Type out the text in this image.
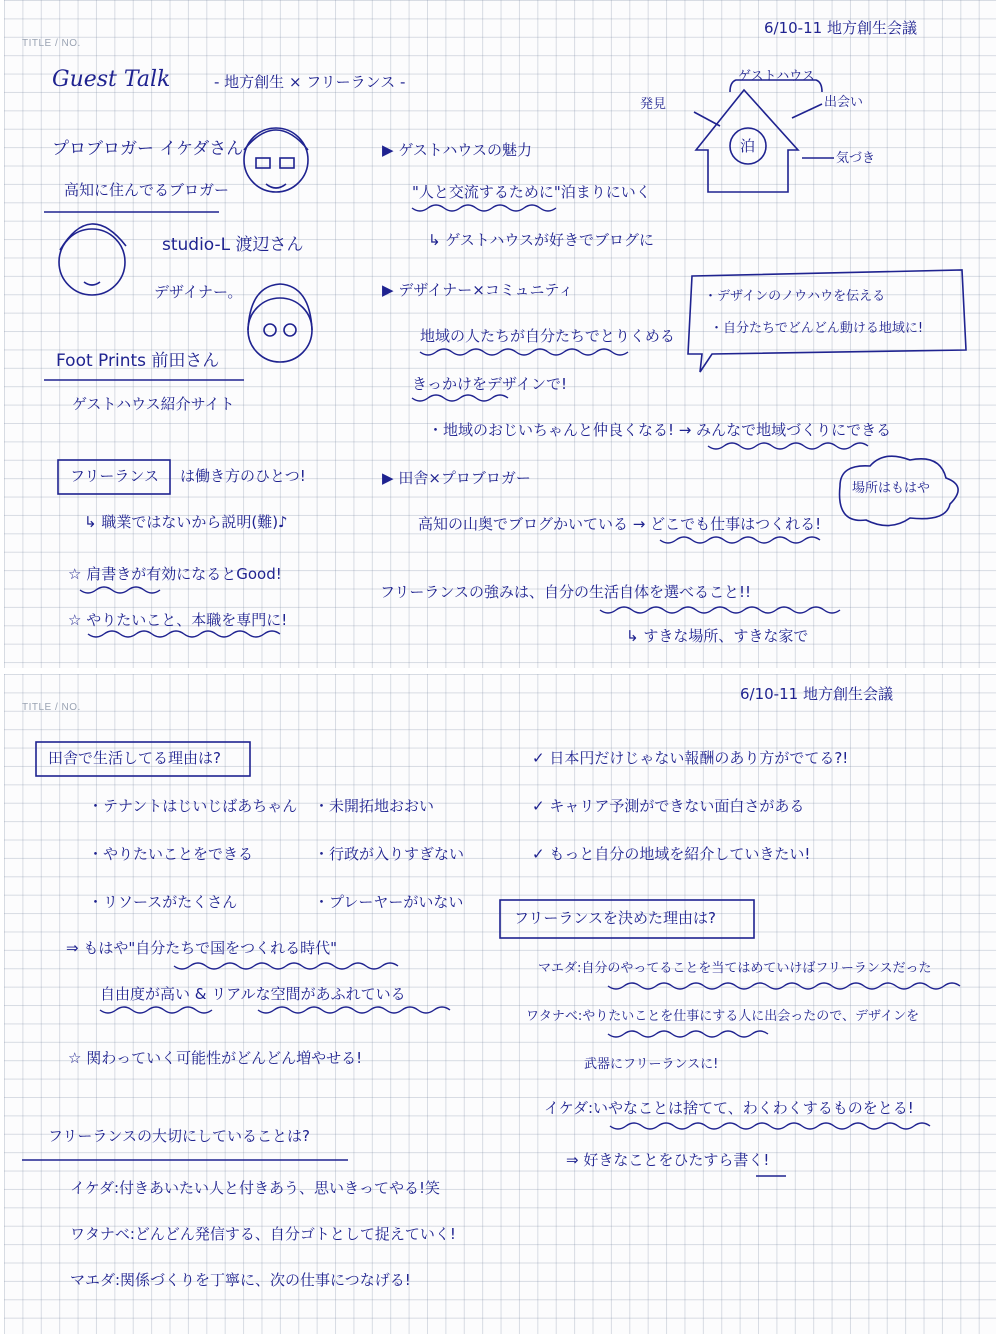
TITLE / NO.
6/10-11 地方創生会議
Guest Talk	- 地方創生 × フリーランス -
プロブロガー イケダさん
高知に住んでるブロガー
studio-L 渡辺さん
デザイナー。
Foot Prints 前田さん
ゲストハウス紹介サイト
フリーランス は働き方のひとつ!
↳ 職業ではないから説明(難)♪
☆ 肩書きが有効になるとGood!
☆ やりたいこと、本職を専門に!
ゲストハウス
発見	出会い
気づき
泊
▶ ゲストハウスの魅力
"人と交流するために"泊まりにいく
↳ ゲストハウスが好きでブログに
▶ デザイナー×コミュニティ
地域の人たちが自分たちでとりくめる
きっかけをデザインで!
・地域のおじいちゃんと仲良くなる! → みんなで地域づくりにできる
・デザインのノウハウを伝える
・自分たちでどんどん動ける地域に!
▶ 田舎×プロブロガー
高知の山奥でブログかいている → どこでも仕事はつくれる!
場所はもはや
フリーランスの強みは、自分の生活自体を選べること!!
↳ すきな場所、すきな家で
TITLE / NO.
6/10-11 地方創生会議
田舎で生活してる理由は?
・テナントはじいじばあちゃん ・未開拓地おおい
・やりたいことをできる	・行政が入りすぎない
・リソースがたくさん	・プレーヤーがいない
⇒ もはや"自分たちで国をつくれる時代"
自由度が高い & リアルな空間があふれている
☆ 関わっていく可能性がどんどん増やせる!
フリーランスの大切にしていることは?
イケダ:付きあいたい人と付きあう、思いきってやる!笑
ワタナベ:どんどん発信する、自分ゴトとして捉えていく!
マエダ:関係づくりを丁寧に、次の仕事につなげる!
✓ 日本円だけじゃない報酬のあり方がでてる?!
✓ キャリア予測ができない面白さがある
✓ もっと自分の地域を紹介していきたい!
フリーランスを決めた理由は?
マエダ:自分のやってることを当てはめていけばフリーランスだった
ワタナベ:やりたいことを仕事にする人に出会ったので、デザインを
武器にフリーランスに!
イケダ:いやなことは捨てて、わくわくするものをとる!
⇒ 好きなことをひたすら書く!
